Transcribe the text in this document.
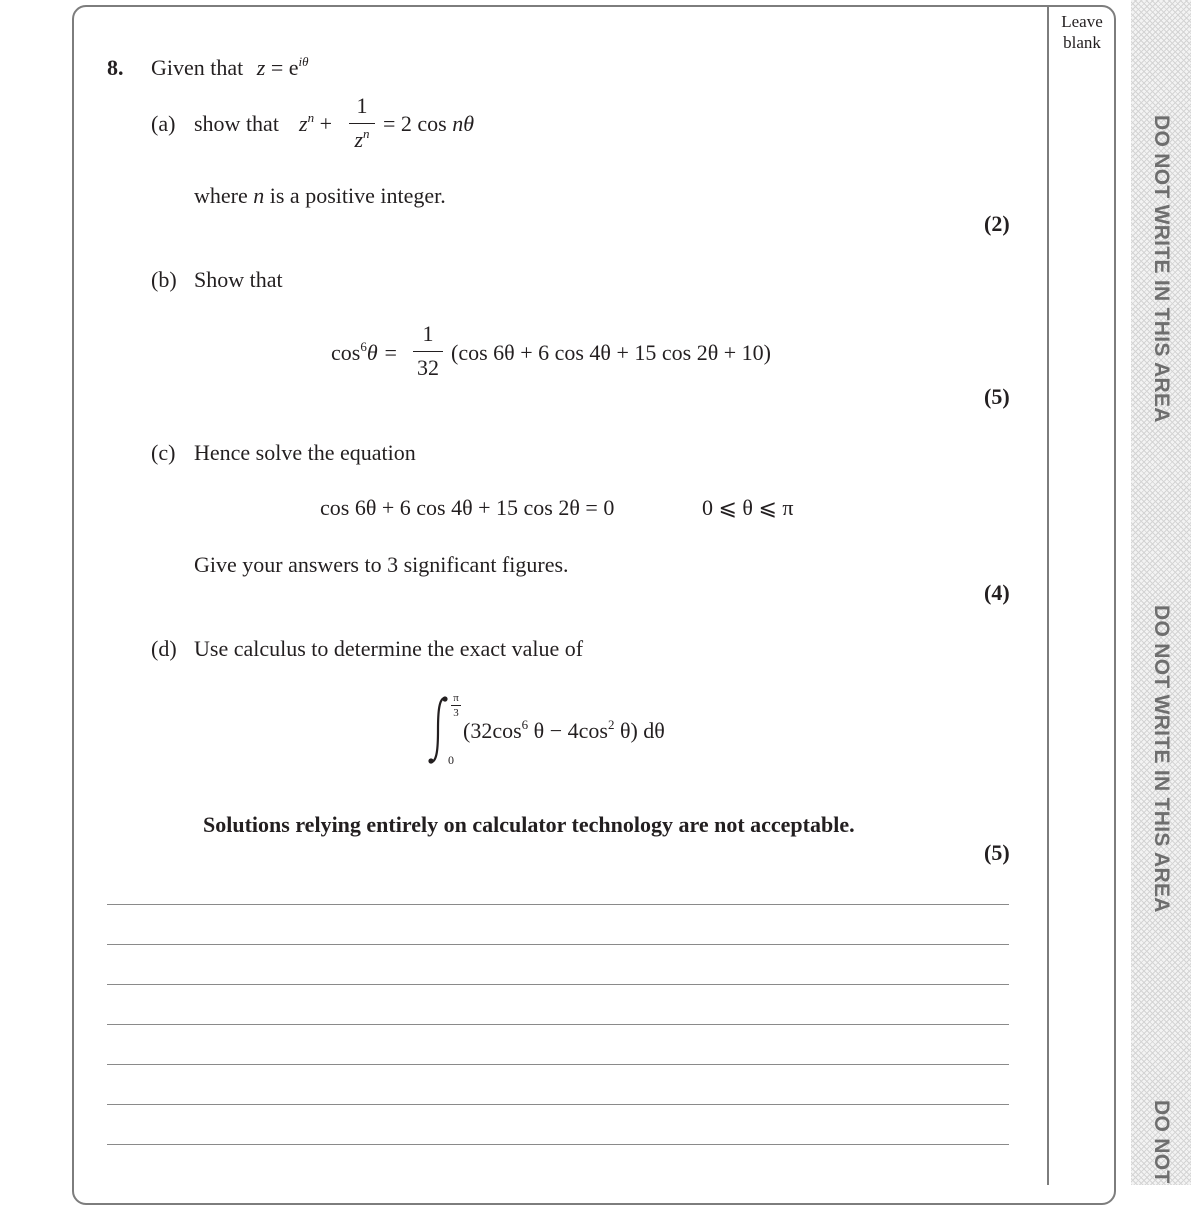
Leave
blank
DO NOT WRITE IN THIS AREA
DO NOT WRITE IN THIS AREA
DO NOT
8. Given that $z = e^{i\theta}$
(a) show that $z^n$ +
1
$z^n = 2$ cos nθ
where n is a positive integer.
(2)
(b) Show that
$\cos^6\theta$ =
1
32
(cos 6θ + 6 cos 4θ + 15 cos 2θ + 10)
(5)
(c) Hence solve the equation
cos 6θ + 6 cos 4θ + 15 cos 2θ = 0	0 ⩽ θ ⩽ π
Give your answers to 3 significant figures.
(4)
(d) Use calculus to determine the exact value of
π
3
0
($32\cos^6$ $\theta - 4\cos^2$ θ) dθ
Solutions relying entirely on calculator technology are not acceptable.
(5)
